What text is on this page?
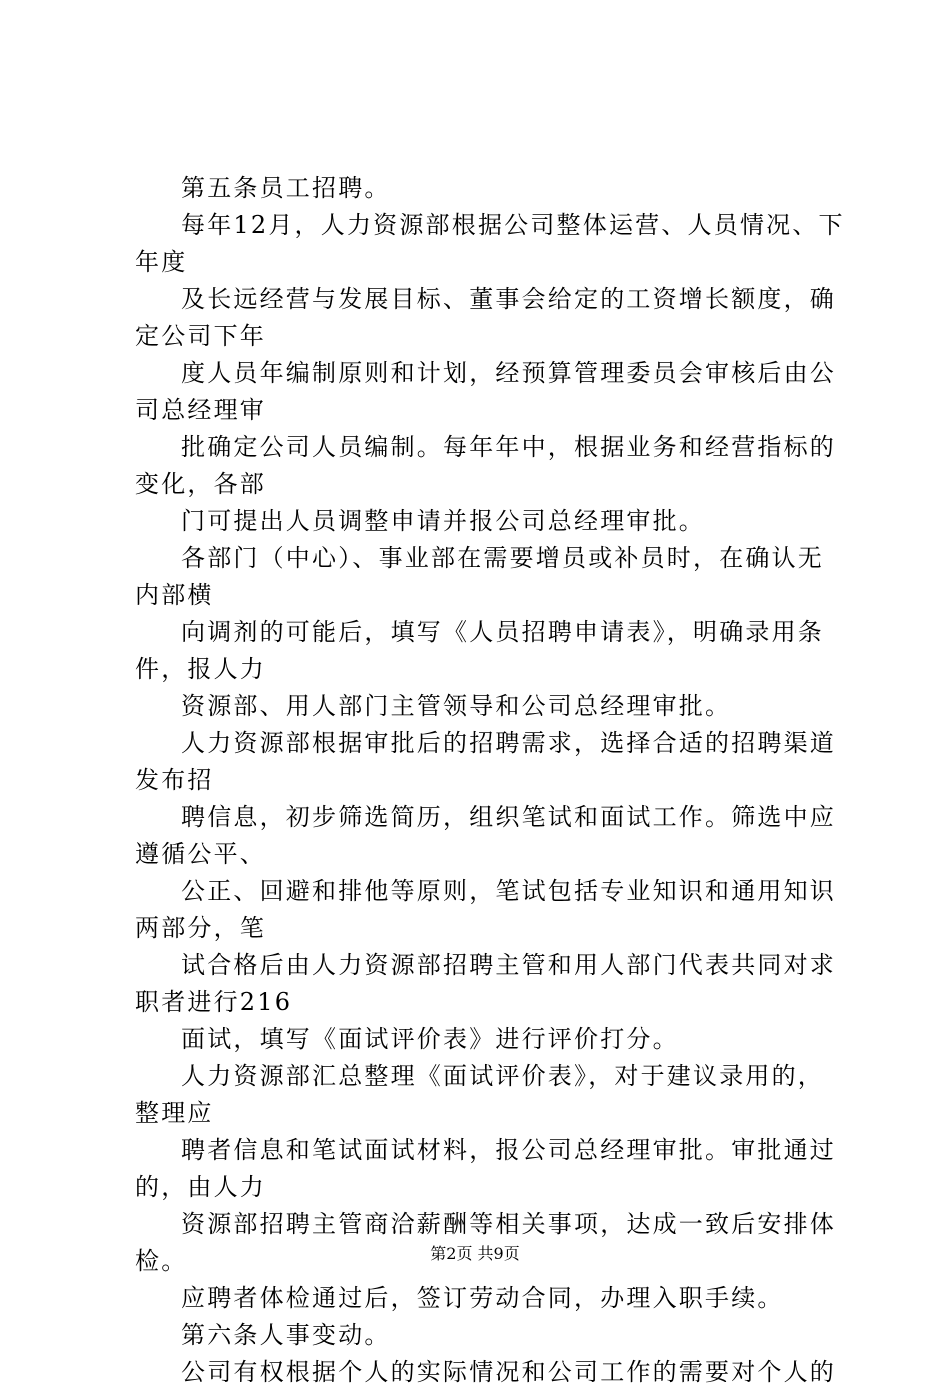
第五条员工招聘。
每年12月，人力资源部根据公司整体运营、人员情况、下
年度
及长远经营与发展目标、董事会给定的工资增长额度，确
定公司下年
度人员年编制原则和计划，经预算管理委员会审核后由公
司总经理审
批确定公司人员编制。每年年中，根据业务和经营指标的
变化，各部
门可提出人员调整申请并报公司总经理审批。
各部门（中心）、事业部在需要增员或补员时，在确认无
内部横
向调剂的可能后，填写《人员招聘申请表》，明确录用条
件，报人力
资源部、用人部门主管领导和公司总经理审批。
人力资源部根据审批后的招聘需求，选择合适的招聘渠道
发布招
聘信息，初步筛选简历，组织笔试和面试工作。筛选中应
遵循公平、
公正、回避和排他等原则，笔试包括专业知识和通用知识
两部分，笔
试合格后由人力资源部招聘主管和用人部门代表共同对求
职者进行216
面试，填写《面试评价表》进行评价打分。
人力资源部汇总整理《面试评价表》，对于建议录用的，
整理应
聘者信息和笔试面试材料，报公司总经理审批。审批通过
的，由人力
资源部招聘主管商洽薪酬等相关事项，达成一致后安排体
检。
应聘者体检通过后，签订劳动合同，办理入职手续。
第六条人事变动。
公司有权根据个人的实际情况和公司工作的需要对个人的
第2页 共9页
